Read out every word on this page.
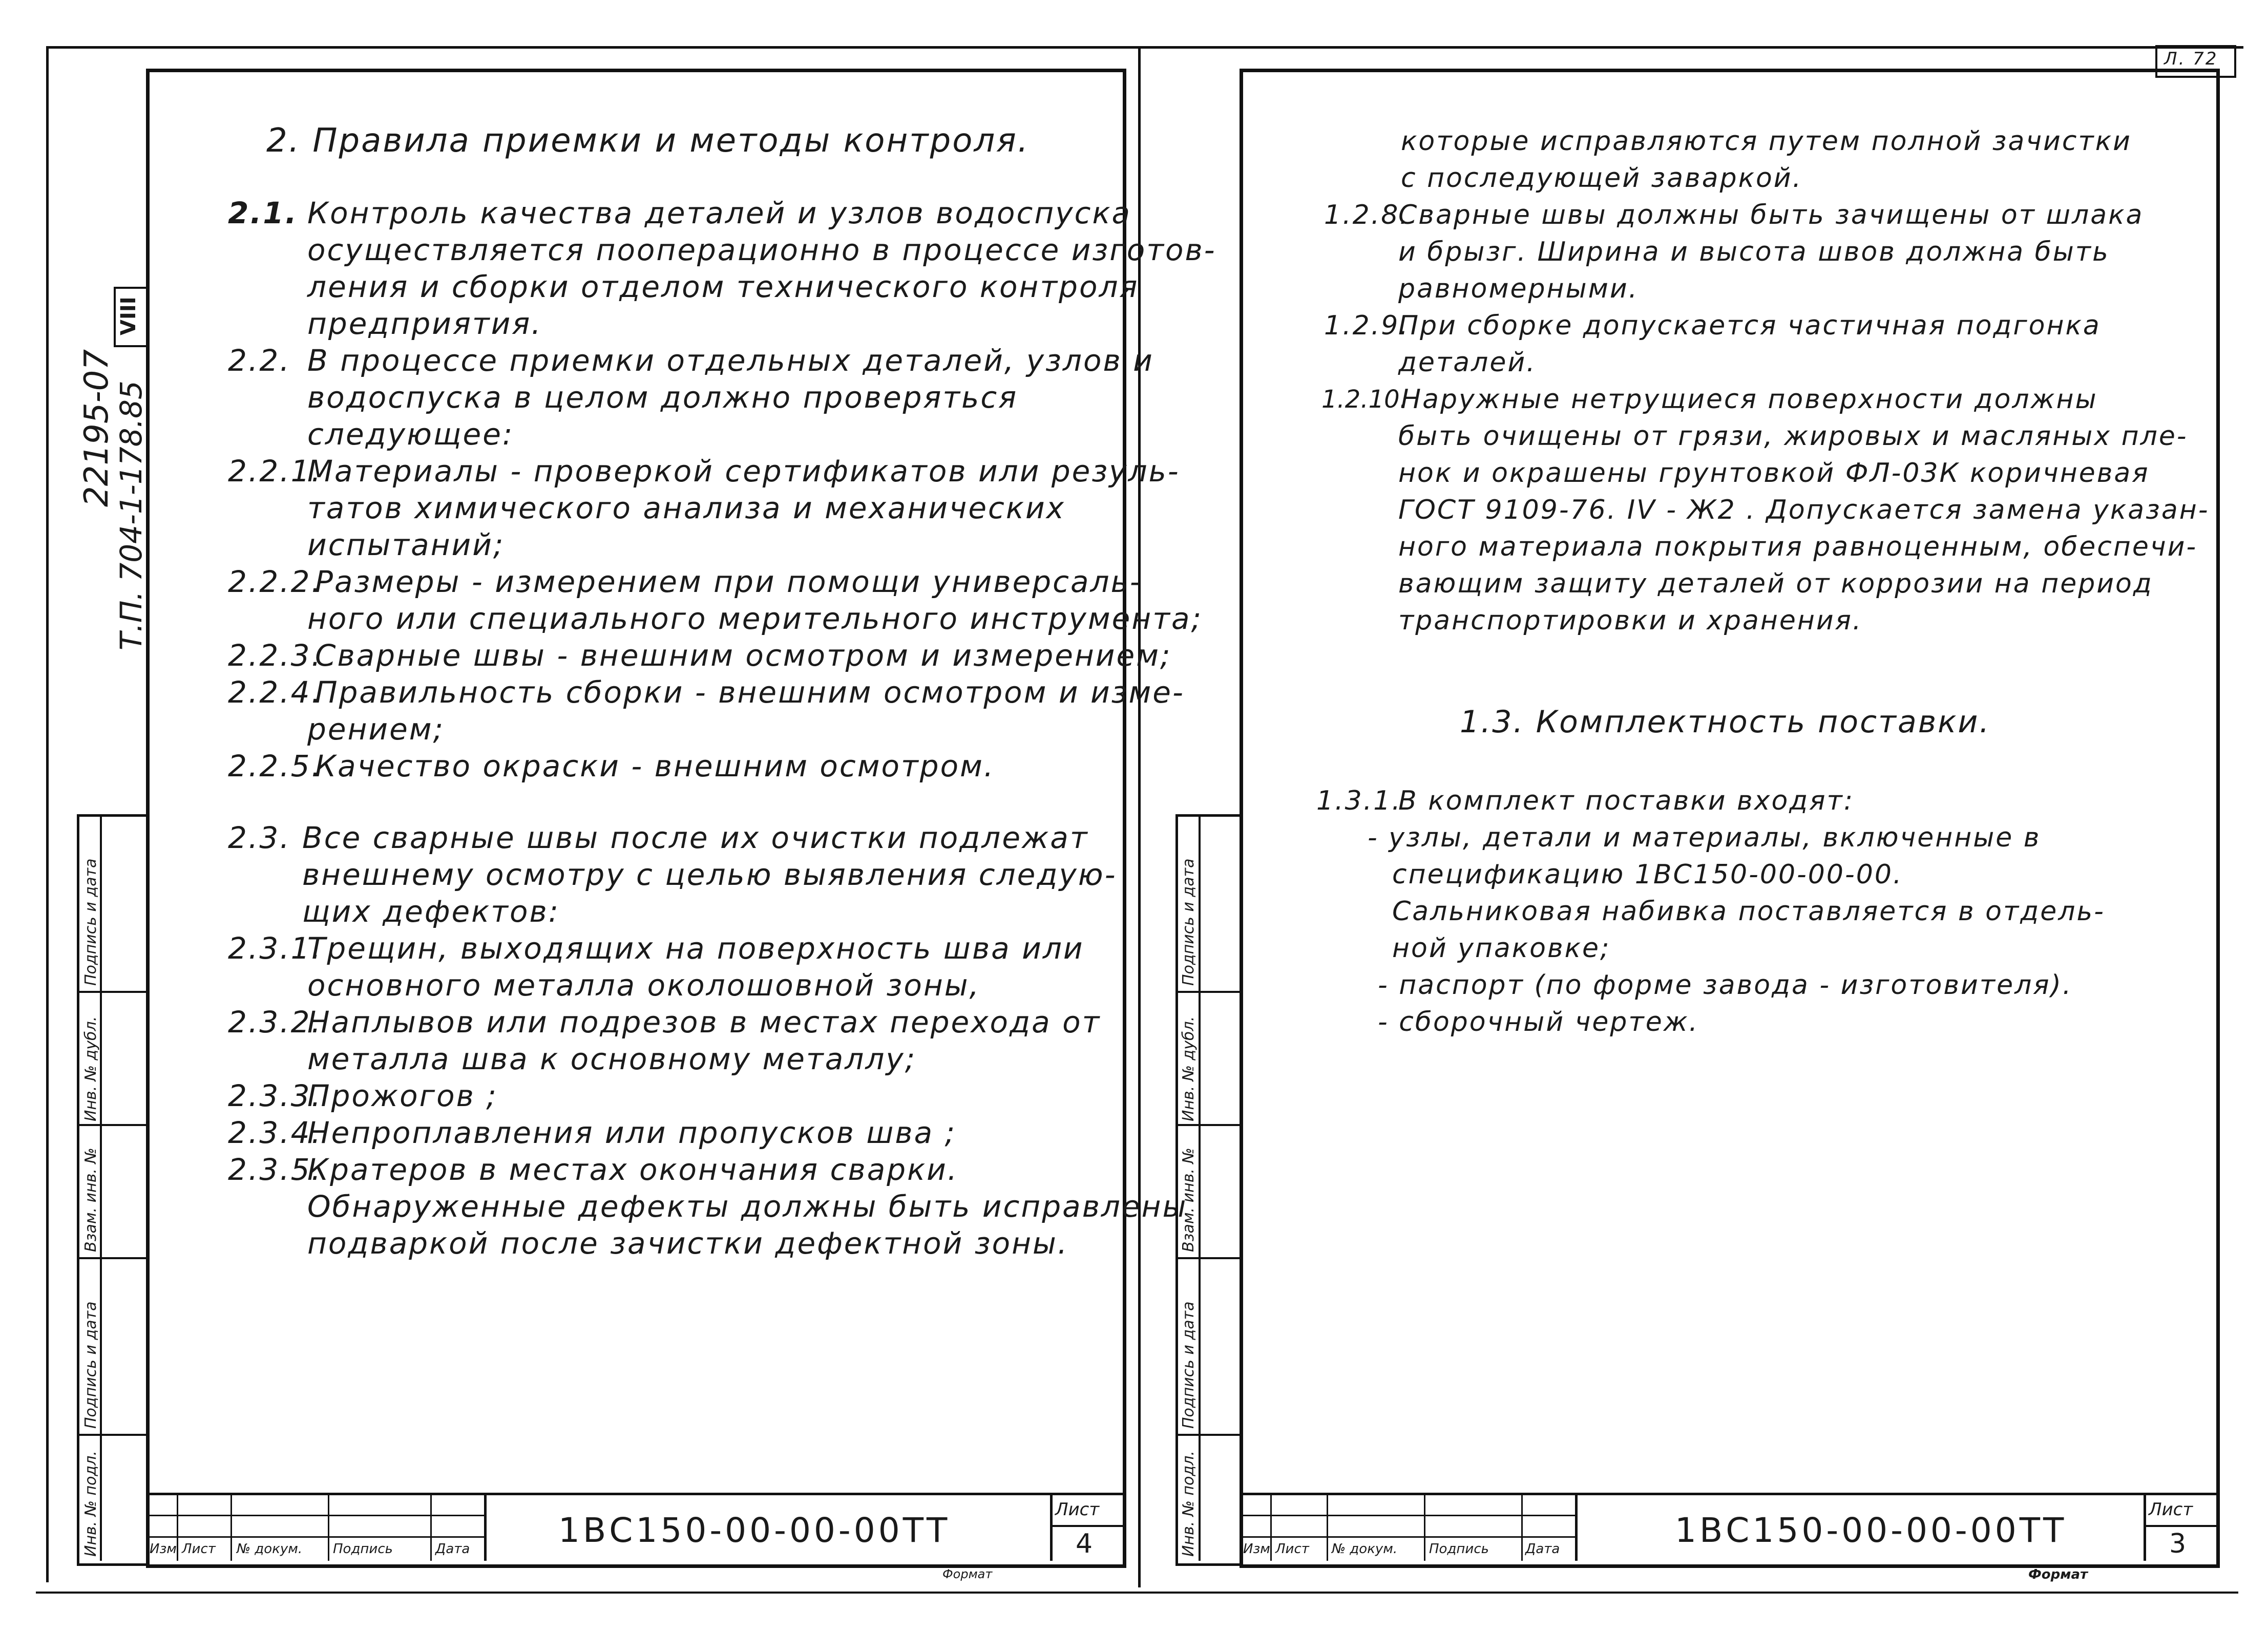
Л. 72
22195-07
Т.П. 704-1-178.85
VIII
Инв. № подл.
Подпись и дата
Взам. инв. №
Инв. № дубл.
Подпись и дата
2. Правила приемки и методы контроля.
2.1. Контроль качества деталей и узлов водоспуска
осуществляется пооперационно в процессе изготов-
ления и сборки отделом технического контроля
предприятия.
2.2. В процессе приемки отдельных деталей, узлов и
водоспуска в целом должно проверяться
следующее:
2.2.1.
Материалы - проверкой сертификатов или резуль-
татов химического анализа и механических
испытаний;
2.2.2.
Размеры - измерением при помощи универсаль-
ного или специального мерительного инструмента;
2.2.3.
Сварные швы - внешним осмотром и измерением;
2.2.4.
Правильность сборки - внешним осмотром и изме-
рением;
2.2.5.
Качество окраски - внешним осмотром.
2.3. Все сварные швы после их очистки подлежат
внешнему осмотру с целью выявления следую-
щих дефектов:
2.3.1.
Трещин, выходящих на поверхность шва или
основного металла околошовной зоны,
2.3.2.
Наплывов или подрезов в местах перехода от
металла шва к основному металлу;
2.3.3.
Прожогов ;
2.3.4.
Непроплавления или пропусков шва ;
2.3.5.
Кратеров в местах окончания сварки.
Обнаруженные дефекты должны быть исправлены
подваркой после зачистки дефектной зоны.
Изм Лист № докум. Подпись	Дата	1ВС150-00-00-00ТТ
Лист
4
Формат
Инв. № подл.
Подпись и дата
Взам. инв. №
Инв. № дубл.
Подпись и дата
которые исправляются путем полной зачистки
с последующей заваркой.
1.2.8.
Сварные швы должны быть зачищены от шлака
и брызг. Ширина и высота швов должна быть
равномерными.
1.2.9.
При сборке допускается частичная подгонка
деталей.
1.2.10.
Наружные нетрущиеся поверхности должны
быть очищены от грязи, жировых и масляных пле-
нок и окрашены грунтовкой ФЛ-03К коричневая
ГОСТ 9109-76. IV - Ж2 . Допускается замена указан-
ного материала покрытия равноценным, обеспечи-
вающим защиту деталей от коррозии на период
транспортировки и хранения.
1.3. Комплектность поставки.
1.3.1.
В комплект поставки входят:
- узлы, детали и материалы, включенные в
спецификацию 1ВС150-00-00-00.
Сальниковая набивка поставляется в отдель-
ной упаковке;
- паспорт (по форме завода - изготовителя).
- сборочный чертеж.
Изм Лист № докум. Подпись	Дата	1ВС150-00-00-00ТТ
Лист
3
Формат
